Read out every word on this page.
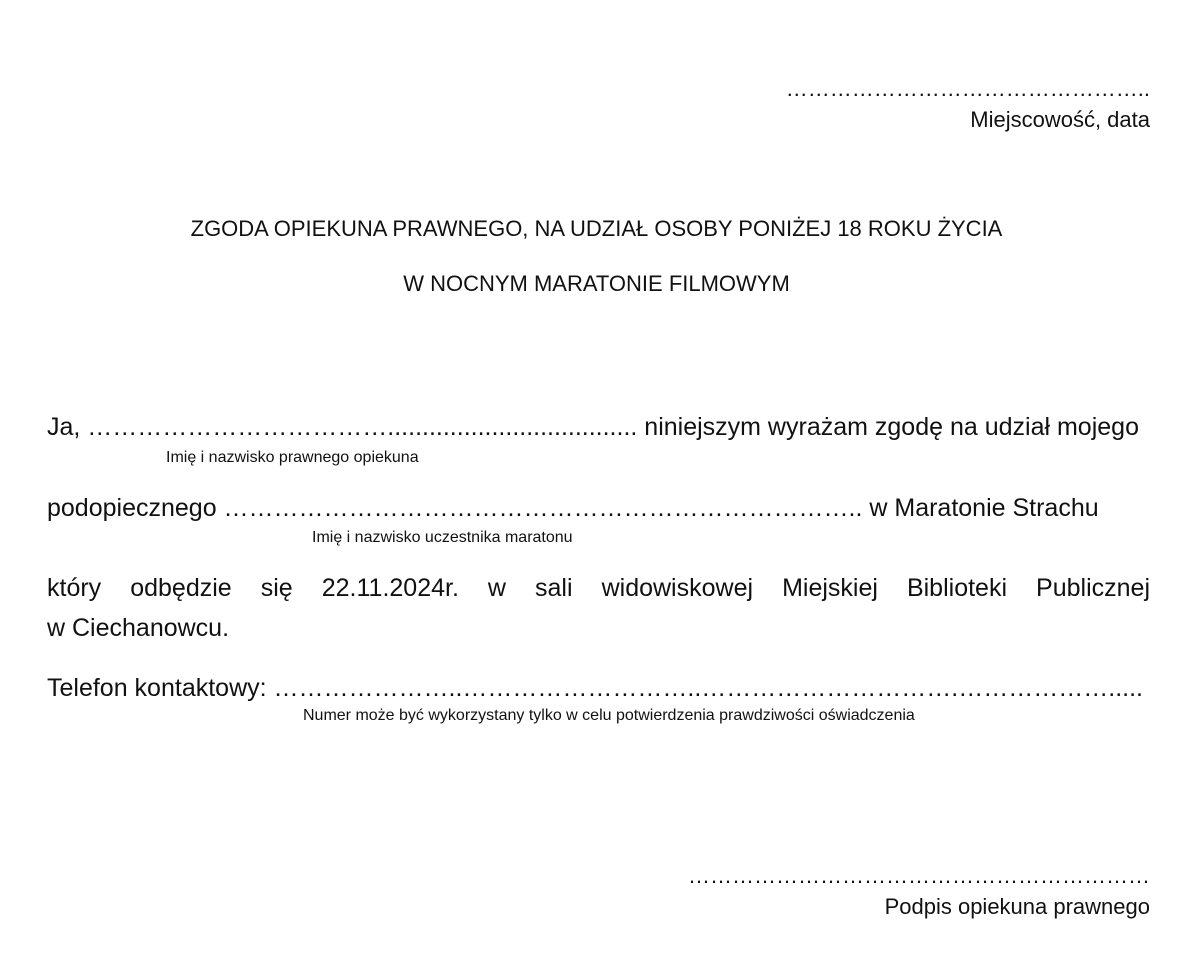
…………………………………………..
Miejscowość, data
ZGODA OPIEKUNA PRAWNEGO, NA UDZIAŁ OSOBY PONIŻEJ 18 ROKU ŻYCIA
W NOCNYM MARATONIE FILMOWYM
Ja, ……………………………….................................... niniejszym wyrażam zgodę na udział mojego
Imię i nazwisko prawnego opiekuna
podopiecznego ………………………………………………………………….. w Maratonie Strachu
Imię i nazwisko uczestnika maratonu
który odbędzie się 22.11.2024r. w sali widowiskowej Miejskiej Biblioteki Publicznej
w Ciechanowcu.
Telefon kontaktowy: …………………..………………………..………………………….……………….....
Numer może być wykorzystany tylko w celu potwierdzenia prawdziwości oświadczenia
………………………………………………………
Podpis opiekuna prawnego
